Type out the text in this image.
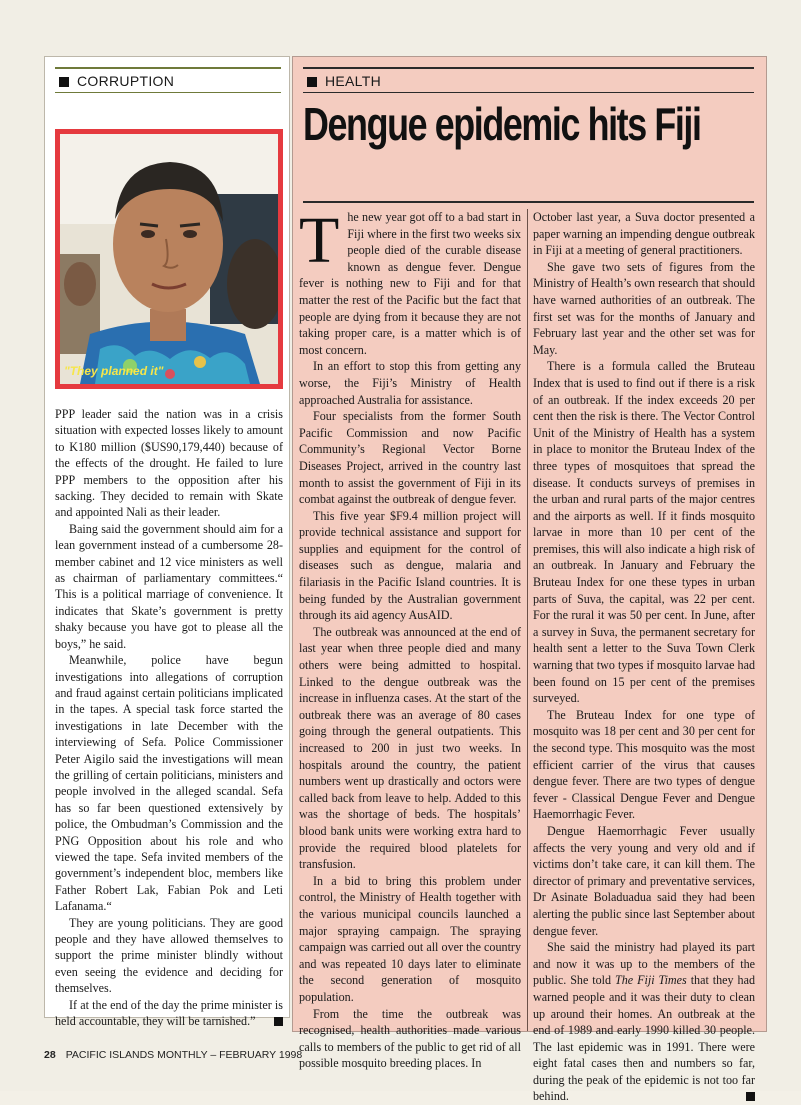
CORRUPTION
"They planned it"

PPP leader said the nation was in a crisis situation with expected losses likely to amount to K180 million ($US90,179,440) because of the effects of the drought. He failed to lure PPP members to the opposition after his sacking. They decided to remain with Skate and appointed Nali as their leader.

Baing said the government should aim for a lean government instead of a cumbersome 28-member cabinet and 12 vice ministers as well as chairman of parliamentary committees.“ This is a political marriage of convenience. It indicates that Skate’s government is pretty shaky because you have got to please all the boys,” he said.

Meanwhile, police have begun investigations into allegations of corruption and fraud against certain politicians implicated in the tapes. A special task force started the investigations in late December with the interviewing of Sefa. Police Commissioner Peter Aigilo said the investigations will mean the grilling of certain politicians, ministers and people involved in the alleged scandal. Sefa has so far been questioned extensively by police, the Ombudman’s Commission and the PNG Opposition about his role and who viewed the tape. Sefa invited members of the government’s independent bloc, members like Father Robert Lak, Fabian Pok and Leti Lafanama.“

They are young politicians. They are good people and they have allowed themselves to support the prime minister blindly without even seeing the evidence and deciding for themselves.

If at the end of the day the prime minister is held accountable, they will be tarnished.”

HEALTH
Dengue epidemic hits Fiji

The new year got off to a bad start in Fiji where in the first two weeks six people died of the curable disease known as dengue fever. Dengue fever is nothing new to Fiji and for that matter the rest of the Pacific but the fact that people are dying from it because they are not taking proper care, is a matter which is of most concern.

In an effort to stop this from getting any worse, the Fiji’s Ministry of Health approached Australia for assistance.

Four specialists from the former South Pacific Commission and now Pacific Community’s Regional Vector Borne Diseases Project, arrived in the country last month to assist the government of Fiji in its combat against the outbreak of dengue fever.

This five year $F9.4 million project will provide technical assistance and support for supplies and equipment for the control of diseases such as dengue, malaria and filariasis in the Pacific Island countries. It is being funded by the Australian government through its aid agency AusAID.

The outbreak was announced at the end of last year when three people died and many others were being admitted to hospital. Linked to the dengue outbreak was the increase in influenza cases. At the start of the outbreak there was an average of 80 cases going through the general outpatients. This increased to 200 in just two weeks. In hospitals around the country, the patient numbers went up drastically and octors were called back from leave to help. Added to this was the shortage of beds. The hospitals’ blood bank units were working extra hard to provide the required blood platelets for transfusion.

In a bid to bring this problem under control, the Ministry of Health together with the various municipal councils launched a major spraying campaign. The spraying campaign was carried out all over the country and was repeated 10 days later to eliminate the second generation of mosquito population.

From the time the outbreak was recognised, health authorities made various calls to members of the public to get rid of all possible mosquito breeding places. In

October last year, a Suva doctor presented a paper warning an impending dengue outbreak in Fiji at a meeting of general practitioners.

She gave two sets of figures from the Ministry of Health’s own research that should have warned authorities of an outbreak. The first set was for the months of January and February last year and the other set was for May.

There is a formula called the Bruteau Index that is used to find out if there is a risk of an outbreak. If the index exceeds 20 per cent then the risk is there. The Vector Control Unit of the Ministry of Health has a system in place to monitor the Bruteau Index of the three types of mosquitoes that spread the disease. It conducts surveys of premises in the urban and rural parts of the major centres and the airports as well. If it finds mosquito larvae in more than 10 per cent of the premises, this will also indicate a high risk of an outbreak. In January and February the Bruteau Index for one these types in urban parts of Suva, the capital, was 22 per cent. For the rural it was 50 per cent. In June, after a survey in Suva, the permanent secretary for health sent a letter to the Suva Town Clerk warning that two types if mosquito larvae had been found on 15 per cent of the premises surveyed.

The Bruteau Index for one type of mosquito was 18 per cent and 30 per cent for the second type. This mosquito was the most efficient carrier of the virus that causes dengue fever. There are two types of dengue fever - Classical Dengue Fever and Dengue Haemorrhagic Fever.

Dengue Haemorrhagic Fever usually affects the very young and very old and if victims don’t take care, it can kill them. The director of primary and preventative services, Dr Asinate Boladuadua said they had been alerting the public since last September about dengue fever.

She said the ministry had played its part and now it was up to the members of the public. She told The Fiji Times that they had warned people and it was their duty to clean up around their homes. An outbreak at the end of 1989 and early 1990 killed 30 people. The last epidemic was in 1991. There were eight fatal cases then and numbers so far, during the peak of the epidemic is not too far behind.

28 PACIFIC ISLANDS MONTHLY – FEBRUARY 1998
